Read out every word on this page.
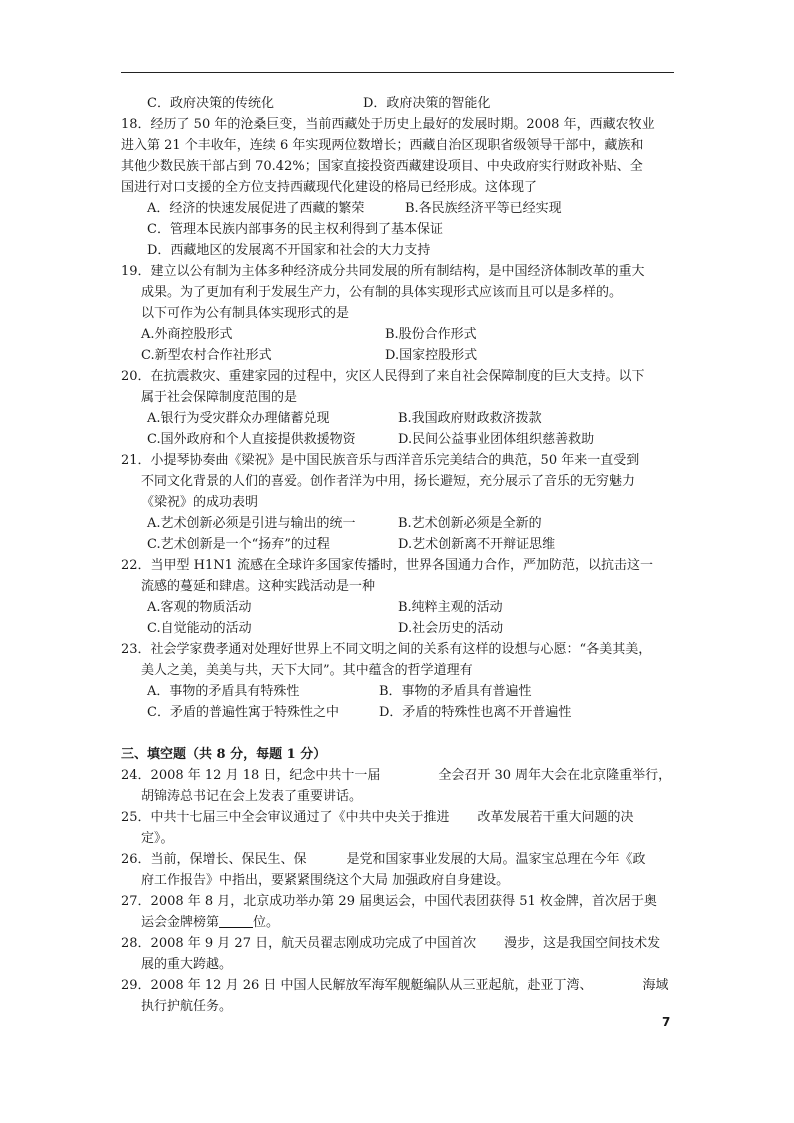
C．政府决策的传统化	D．政府决策的智能化
18．经历了 50 年的沧桑巨变，当前西藏处于历史上最好的发展时期。2008 年，西藏农牧业
进入第 21 个丰收年，连续 6 年实现两位数增长；西藏自治区现职省级领导干部中，藏族和
其他少数民族干部占到 70.42%；国家直接投资西藏建设项目、中央政府实行财政补贴、全
国进行对口支援的全方位支持西藏现代化建设的格局已经形成。这体现了
A．经济的快速发展促进了西藏的繁荣	B.各民族经济平等已经实现
C．管理本民族内部事务的民主权利得到了基本保证
D．西藏地区的发展离不开国家和社会的大力支持
19．建立以公有制为主体多种经济成分共同发展的所有制结构，是中国经济体制改革的重大
成果。为了更加有利于发展生产力，公有制的具体实现形式应该而且可以是多样的。
以下可作为公有制具体实现形式的是
A.外商控股形式	B.股份合作形式
C.新型农村合作社形式	D.国家控股形式
20．在抗震救灾、重建家园的过程中，灾区人民得到了来自社会保障制度的巨大支持。以下
属于社会保障制度范围的是
A.银行为受灾群众办理储蓄兑现	B.我国政府财政救济拨款
C.国外政府和个人直接提供救援物资	D.民间公益事业团体组织慈善救助
21．小提琴协奏曲《梁祝》是中国民族音乐与西洋音乐完美结合的典范，50 年来一直受到
不同文化背景的人们的喜爱。创作者洋为中用，扬长避短，充分展示了音乐的无穷魅力
《梁祝》的成功表明
A.艺术创新必须是引进与输出的统一	B.艺术创新必须是全新的
C.艺术创新是一个“扬弃”的过程	D.艺术创新离不开辩证思维
22．当甲型 H1N1 流感在全球许多国家传播时，世界各国通力合作，严加防范，以抗击这一
流感的蔓延和肆虐。这种实践活动是一种
A.客观的物质活动	B.纯粹主观的活动
C.自觉能动的活动	D.社会历史的活动
23．社会学家费孝通对处理好世界上不同文明之间的关系有这样的设想与心愿：“各美其美，
美人之美，美美与共，天下大同”。其中蕴含的哲学道理有
A．事物的矛盾具有特殊性	B．事物的矛盾具有普遍性
C．矛盾的普遍性寓于特殊性之中	D．矛盾的特殊性也离不开普遍性
三、填空题（共 8 分，每题 1 分）
24．2008 年 12 月 18 日，纪念中共十一届	全会召开 30 周年大会在北京隆重举行，
胡锦涛总书记在会上发表了重要讲话。
25．中共十七届三中全会审议通过了《中共中央关于推进 改革发展若干重大问题的决
定》。
26．当前，保增长、保民生、保	是党和国家事业发展的大局。温家宝总理在今年《政
府工作报告》中指出，要紧紧围绕这个大局 加强政府自身建设。
27．2008 年 8 月，北京成功举办第 29 届奥运会，中国代表团获得 51 枚金牌，首次居于奥
运会金牌榜第	位。
28．2008 年 9 月 27 日，航天员翟志刚成功完成了中国首次 漫步，这是我国空间技术发
展的重大跨越。
29．2008 年 12 月 26 日 中国人民解放军海军舰艇编队从三亚起航，赴亚丁湾、	海域
执行护航任务。
7
